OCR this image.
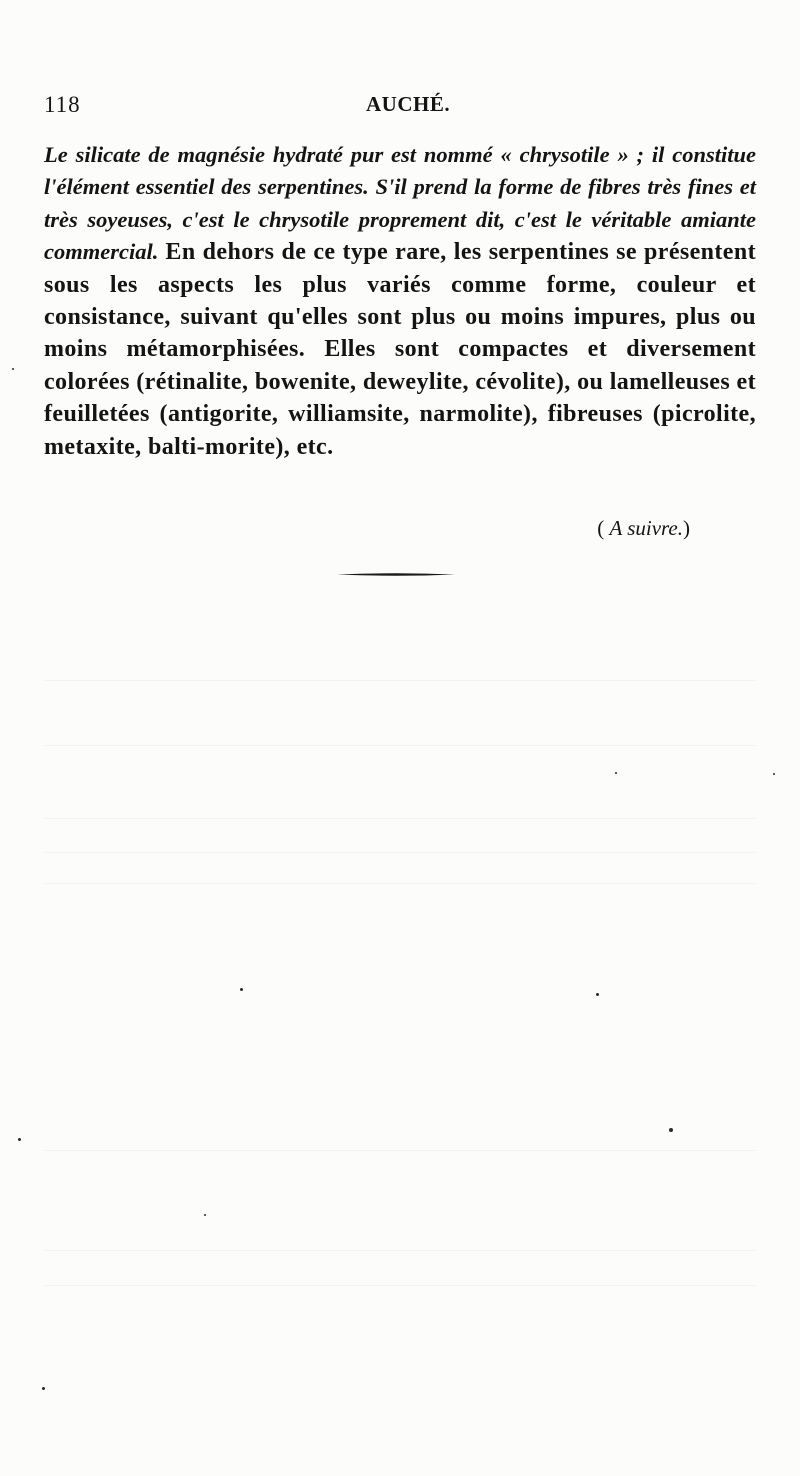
118	AUCHÉ.
Le silicate de magnésie hydraté pur est nommé « chrysotile » ; il constitue l'élément essentiel des serpentines. S'il prend la forme de fibres très fines et très soyeuses, c'est le chrysotile proprement dit, c'est le véritable amiante commercial. En dehors de ce type rare, les serpentines se présentent sous les aspects les plus variés comme forme, couleur et consistance, suivant qu'elles sont plus ou moins impures, plus ou moins métamorphisées. Elles sont compactes et diversement colorées (rétinalite, bowenite, deweylite, cévolite), ou lamelleuses et feuilletées (antigorite, williamsite, narmolite), fibreuses (picrolite, metaxite, balti-morite), etc.
( A suivre.)
